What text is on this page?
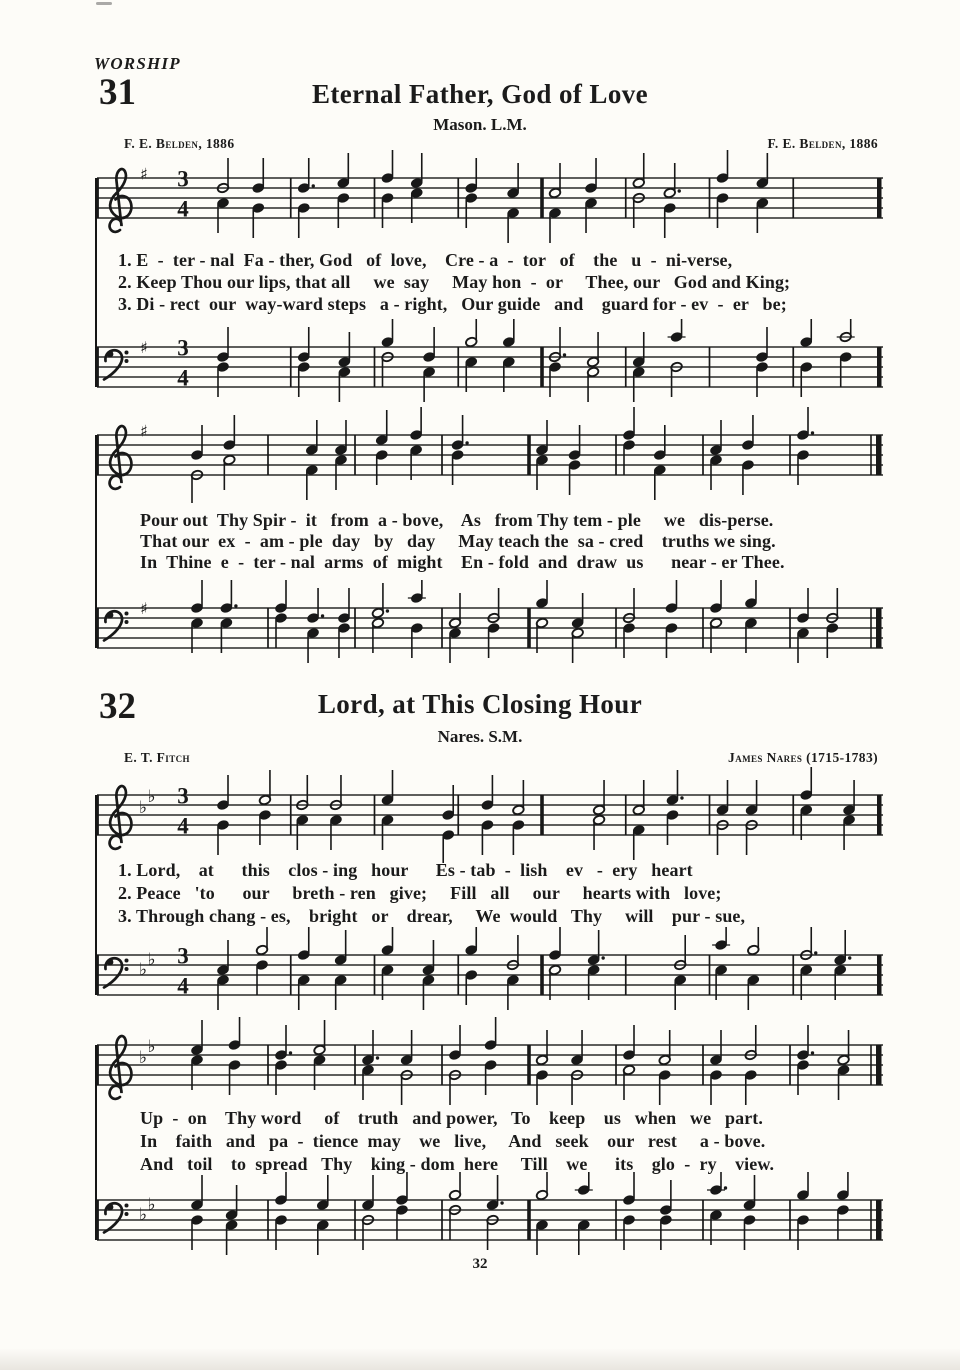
WORSHIP
31	Eternal Father, God of Love
Mason. L.M.
F. E. Belden, 1886	F. E. Belden, 1886
♯ 3
4
1. E  -  ter - nal  Fa - ther, God   of  love,    Cre - a  -  tor   of    the   u  -  ni-verse,
2. Keep Thou our lips, that all     we  say     May hon  -  or     Thee, our   God and King;
3. Di - rect  our  way-ward steps   a - right,   Our guide   and    guard for - ev  -  er   be;
♯ 3
4
♯
Pour out  Thy Spir -  it   from  a - bove,    As   from Thy tem - ple     we   dis-perse.
That our  ex  -  am - ple  day   by   day     May teach the  sa - cred    truths we sing.
In  Thine  e  -  ter - nal  arms  of  might    En - fold  and  draw  us      near - er Thee.
♯
32	Lord, at This Closing Hour
Nares. S.M.
E. T. Fitch	James Nares (1715-1783)
♭
♭ 3
4
1. Lord,    at      this    clos - ing   hour      Es - tab  -  lish    ev   -  ery   heart
2. Peace   'to      our     breth - ren   give;     Fill   all     our     hearts with   love;
3. Through chang - es,    bright   or    drear,     We  would   Thy     will    pur - sue,
♭ ♭ 3
4
♭
♭
Up  -  on    Thy word     of    truth   and power,   To    keep    us   when   we   part.
In    faith   and   pa  -  tience  may    we   live,     And   seek    our   rest     a - bove.
And   toil    to  spread   Thy    king - dom  here     Till    we      its    glo  -  ry    view.
♭ ♭
32
